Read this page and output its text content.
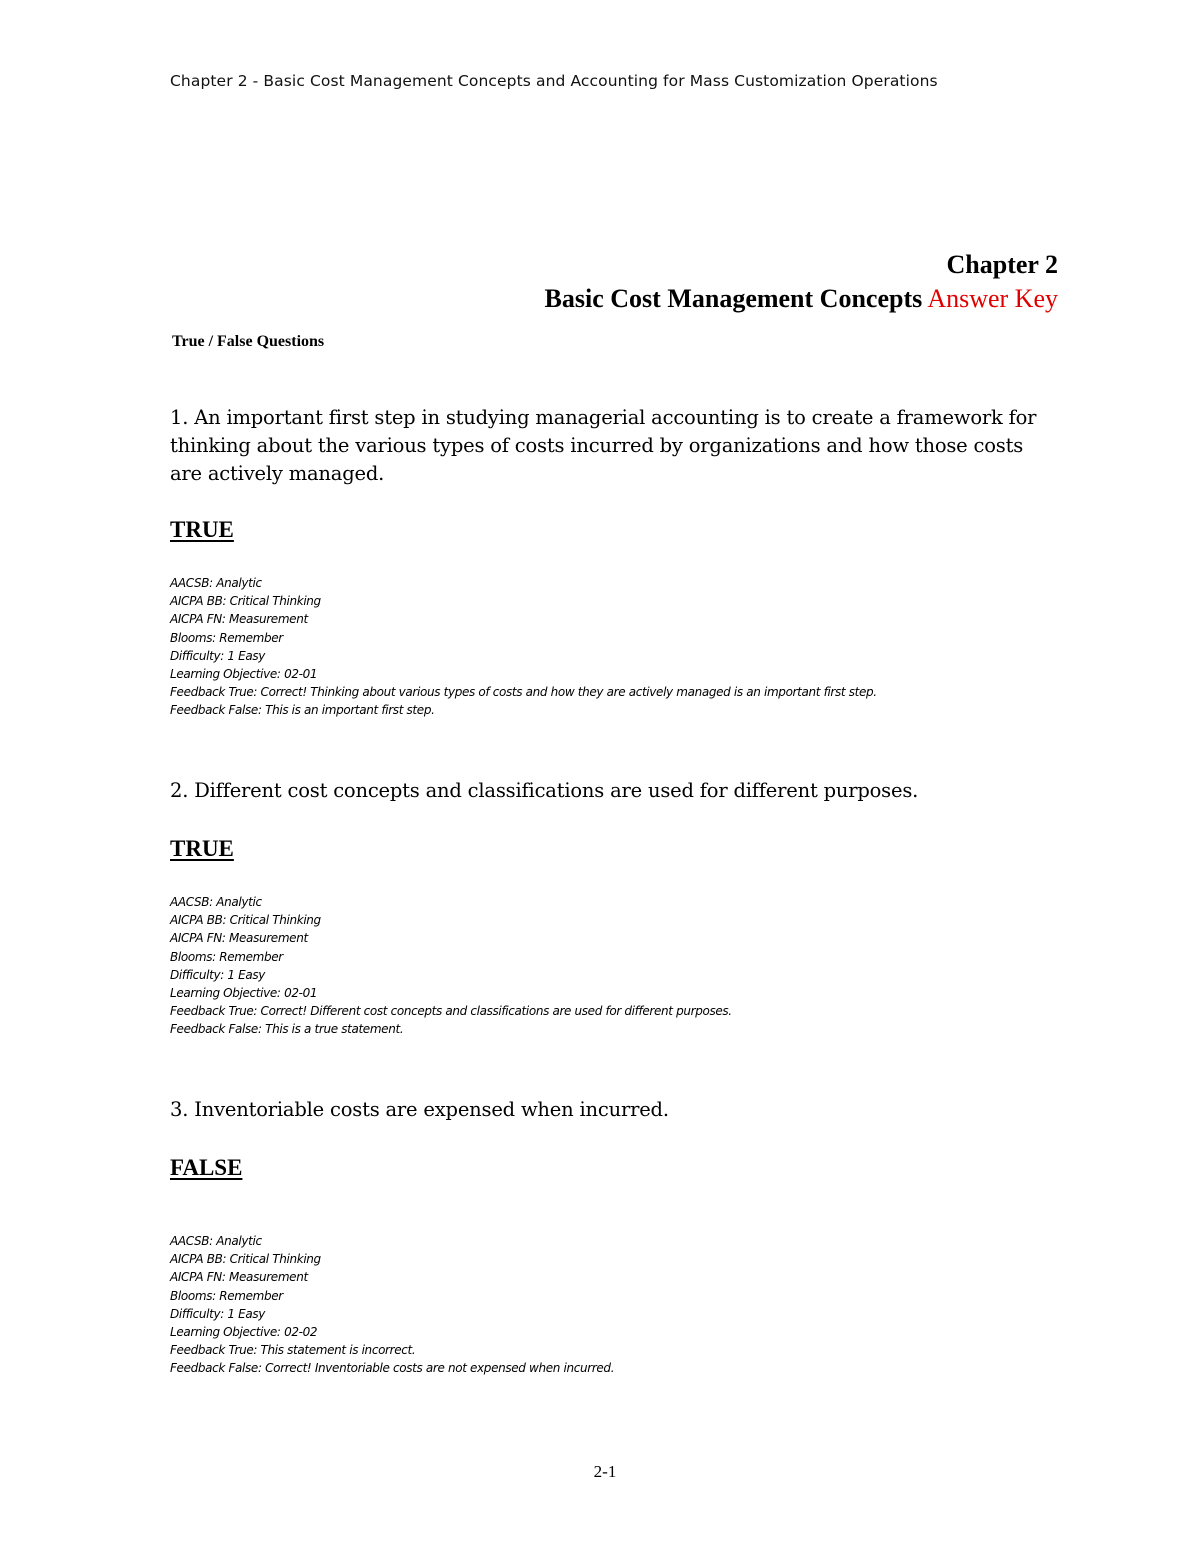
Chapter 2 - Basic Cost Management Concepts and Accounting for Mass Customization Operations
Chapter 2
Basic Cost Management Concepts Answer Key
True / False Questions
1. An important first step in studying managerial accounting is to create a framework for thinking about the various types of costs incurred by organizations and how those costs are actively managed.
TRUE
AACSB: Analytic
AICPA BB: Critical Thinking
AICPA FN: Measurement
Blooms: Remember
Difficulty: 1 Easy
Learning Objective: 02-01
Feedback True: Correct! Thinking about various types of costs and how they are actively managed is an important first step.
Feedback False: This is an important first step.
2. Different cost concepts and classifications are used for different purposes.
TRUE
AACSB: Analytic
AICPA BB: Critical Thinking
AICPA FN: Measurement
Blooms: Remember
Difficulty: 1 Easy
Learning Objective: 02-01
Feedback True: Correct! Different cost concepts and classifications are used for different purposes.
Feedback False: This is a true statement.
3. Inventoriable costs are expensed when incurred.
FALSE
AACSB: Analytic
AICPA BB: Critical Thinking
AICPA FN: Measurement
Blooms: Remember
Difficulty: 1 Easy
Learning Objective: 02-02
Feedback True: This statement is incorrect.
Feedback False: Correct! Inventoriable costs are not expensed when incurred.
2-1
